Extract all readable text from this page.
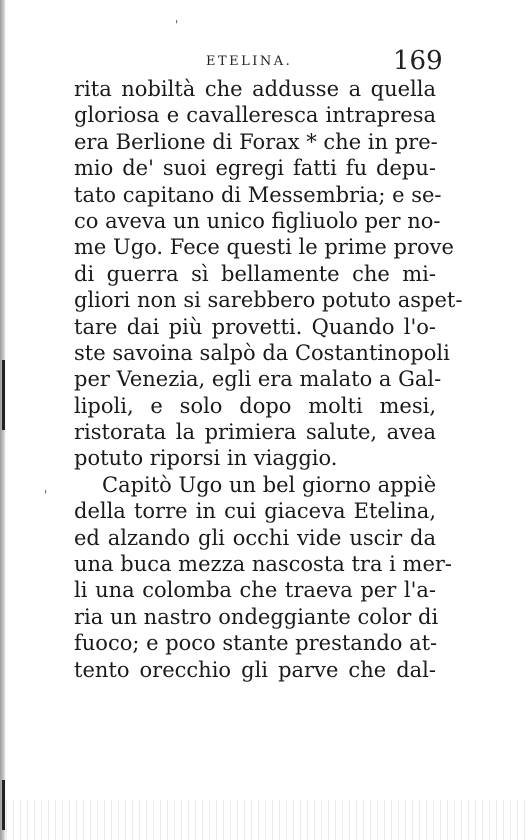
'
'
ETELINA.	169
rita nobiltà che addusse a quella
gloriosa e cavalleresca intrapresa
era Berlione di Forax * che in pre-
mio de' suoi egregi fatti fu depu-
tato capitano di Messembria; e se-
co aveva un unico figliuolo per no-
me Ugo. Fece questi le prime prove
di guerra sì bellamente che mi-
gliori non si sarebbero potuto aspet-
tare dai più provetti. Quando l'o-
ste savoina salpò da Costantinopoli
per Venezia, egli era malato a Gal-
lipoli, e solo dopo molti mesi,
ristorata la primiera salute, avea
potuto riporsi in viaggio.
Capitò Ugo un bel giorno appiè
della torre in cui giaceva Etelina,
ed alzando gli occhi vide uscir da
una buca mezza nascosta tra i mer-
li una colomba che traeva per l'a-
ria un nastro ondeggiante color di
fuoco; e poco stante prestando at-
tento orecchio gli parve che dal-
